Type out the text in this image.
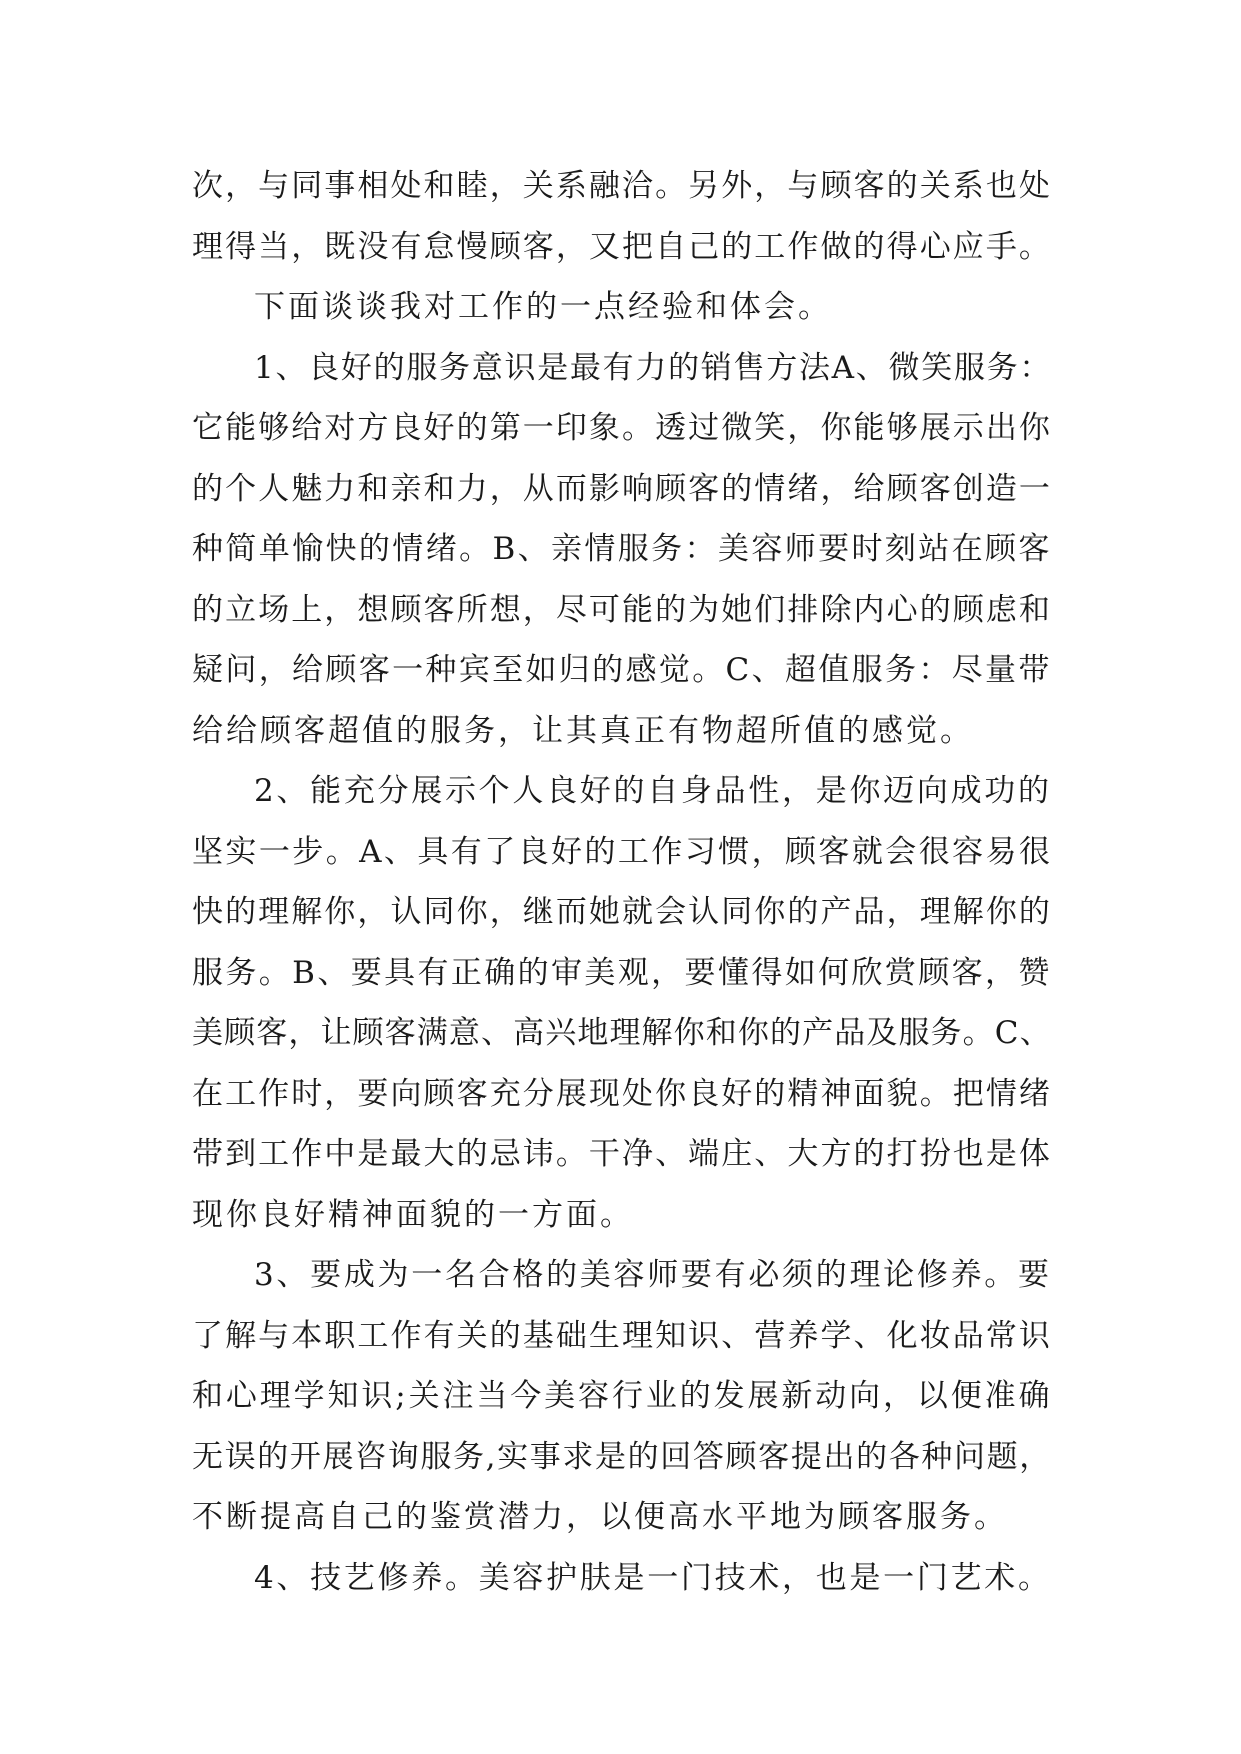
次，与同事相处和睦，关系融洽。另外，与顾客的关系也处
理得当，既没有怠慢顾客，又把自己的工作做的得心应手。
下面谈谈我对工作的一点经验和体会。
1、良好的服务意识是最有力的销售方法A、微笑服务：
它能够给对方良好的第一印象。透过微笑，你能够展示出你
的个人魅力和亲和力，从而影响顾客的情绪，给顾客创造一
种简单愉快的情绪。B、亲情服务：美容师要时刻站在顾客
的立场上，想顾客所想，尽可能的为她们排除内心的顾虑和
疑问，给顾客一种宾至如归的感觉。C、超值服务：尽量带
给给顾客超值的服务，让其真正有物超所值的感觉。
2、能充分展示个人良好的自身品性，是你迈向成功的
坚实一步。A、具有了良好的工作习惯，顾客就会很容易很
快的理解你，认同你，继而她就会认同你的产品，理解你的
服务。B、要具有正确的审美观，要懂得如何欣赏顾客，赞
美顾客，让顾客满意、高兴地理解你和你的产品及服务。C、
在工作时，要向顾客充分展现处你良好的精神面貌。把情绪
带到工作中是最大的忌讳。干净、端庄、大方的打扮也是体
现你良好精神面貌的一方面。
3、要成为一名合格的美容师要有必须的理论修养。要
了解与本职工作有关的基础生理知识、营养学、化妆品常识
和心理学知识;关注当今美容行业的发展新动向，以便准确
无误的开展咨询服务,实事求是的回答顾客提出的各种问题，
不断提高自己的鉴赏潜力，以便高水平地为顾客服务。
4、技艺修养。美容护肤是一门技术，也是一门艺术。
